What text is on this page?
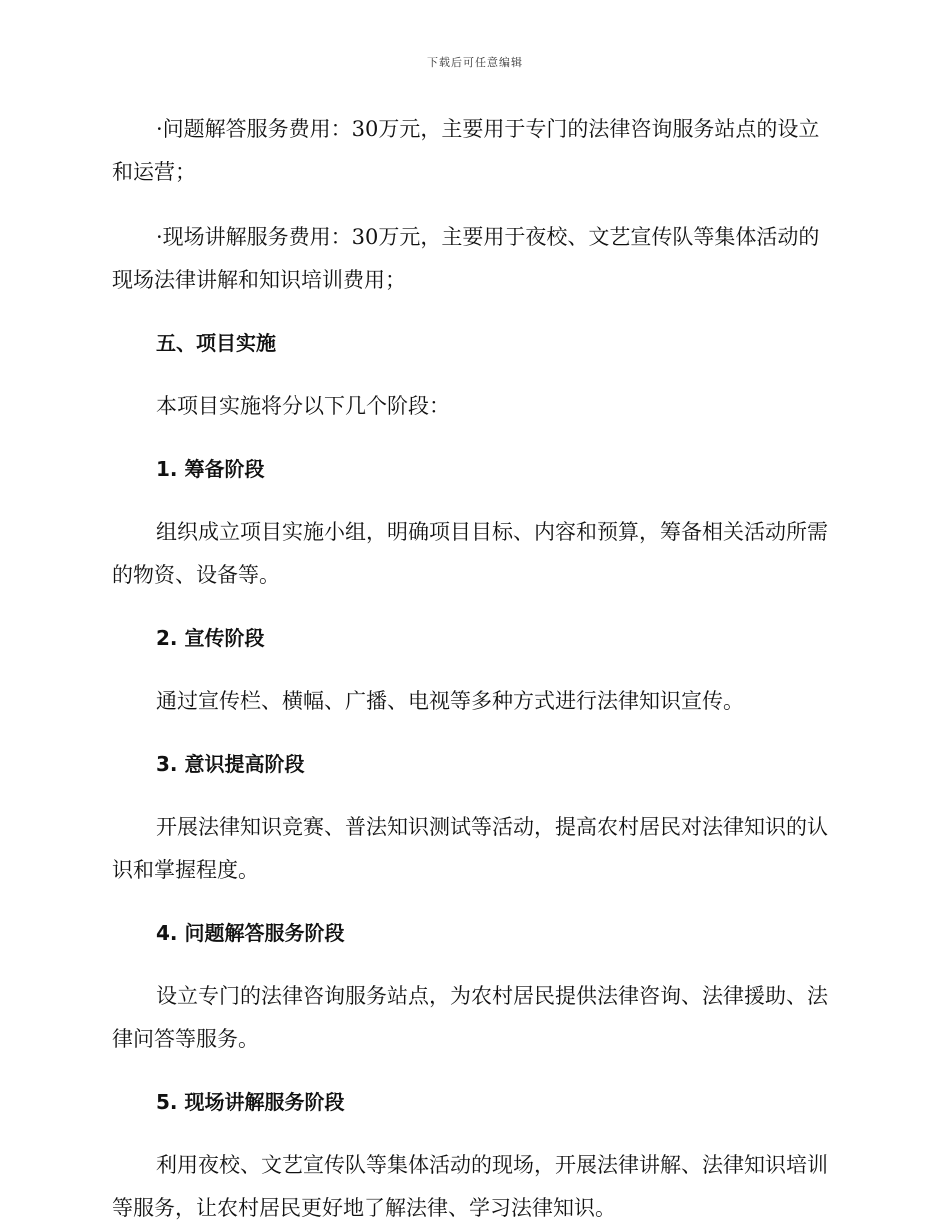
下载后可任意编辑

·问题解答服务费用：30万元，主要用于专门的法律咨询服务站点的设立和运营；

·现场讲解服务费用：30万元，主要用于夜校、文艺宣传队等集体活动的现场法律讲解和知识培训费用；

五、项目实施

本项目实施将分以下几个阶段：

1. 筹备阶段

组织成立项目实施小组，明确项目目标、内容和预算，筹备相关活动所需的物资、设备等。

2. 宣传阶段

通过宣传栏、横幅、广播、电视等多种方式进行法律知识宣传。

3. 意识提高阶段

开展法律知识竞赛、普法知识测试等活动，提高农村居民对法律知识的认识和掌握程度。

4. 问题解答服务阶段

设立专门的法律咨询服务站点，为农村居民提供法律咨询、法律援助、法律问答等服务。

5. 现场讲解服务阶段

利用夜校、文艺宣传队等集体活动的现场，开展法律讲解、法律知识培训等服务，让农村居民更好地了解法律、学习法律知识。
